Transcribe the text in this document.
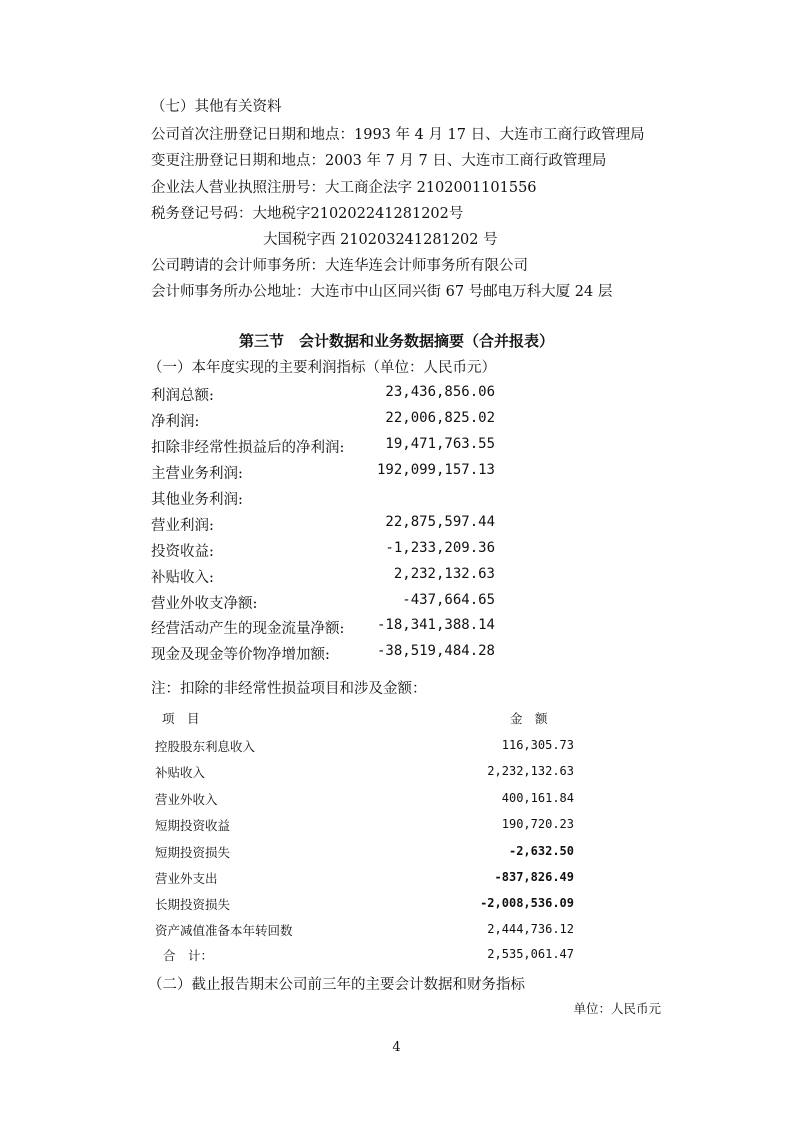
（七）其他有关资料
公司首次注册登记日期和地点：1993 年 4 月 17 日、大连市工商行政管理局
变更注册登记日期和地点：2003 年 7 月 7 日、大连市工商行政管理局
企业法人营业执照注册号：大工商企法字 2102001101556
税务登记号码：大地税字210202241281202号
大国税字西 210203241281202 号
公司聘请的会计师事务所：大连华连会计师事务所有限公司
会计师事务所办公地址：大连市中山区同兴街 67 号邮电万科大厦 24 层
第三节　会计数据和业务数据摘要（合并报表）
（一）本年度实现的主要利润指标（单位：人民币元）
利润总额:	23,436,856.06
净利润:	22,006,825.02
扣除非经常性损益后的净利润:	19,471,763.55
主营业务利润:	192,099,157.13
其他业务利润:
营业利润:	22,875,597.44
投资收益:	-1,233,209.36
补贴收入:	2,232,132.63
营业外收支净额:	-437,664.65
经营活动产生的现金流量净额: -18,341,388.14
现金及现金等价物净增加额:	-38,519,484.28
注：扣除的非经常性损益项目和涉及金额：
项　目	金　额
控股股东利息收入	116,305.73
补贴收入	2,232,132.63
营业外收入	400,161.84
短期投资收益	190,720.23
短期投资损失	-2,632.50
营业外支出	-837,826.49
长期投资损失	-2,008,536.09
资产减值准备本年转回数	2,444,736.12
合　计：	2,535,061.47
（二）截止报告期末公司前三年的主要会计数据和财务指标
单位：人民币元
4
